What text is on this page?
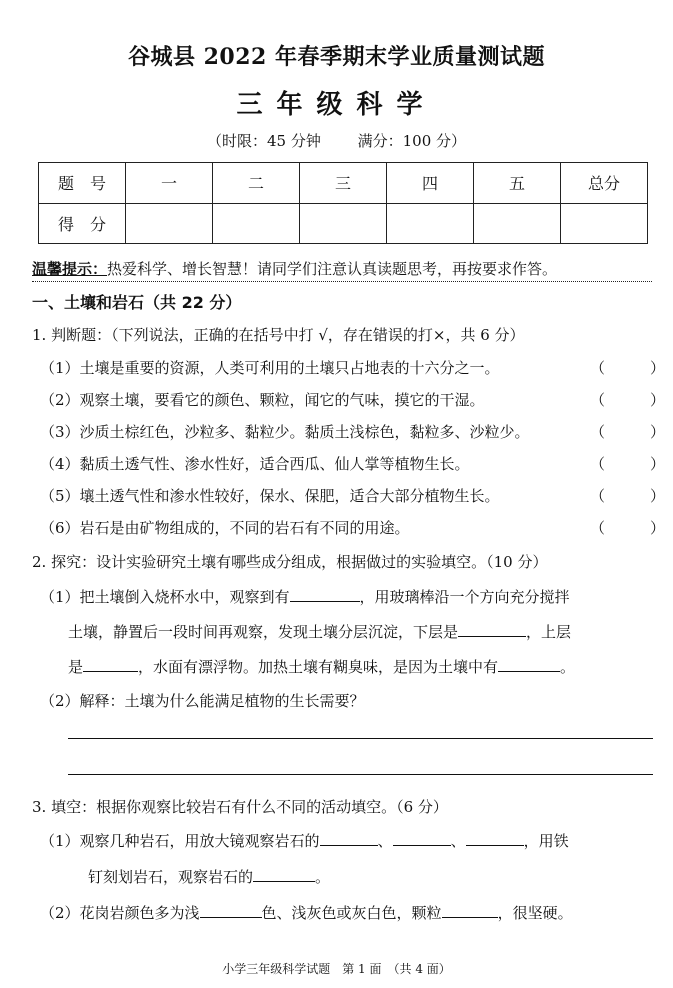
谷城县 2022 年春季期末学业质量测试题
三年级科学
（时限：45 分钟 满分：100 分）
题　号	一	二	三	四	五	总分
得　分						
温馨提示：热爱科学、增长智慧！请同学们注意认真读题思考，再按要求作答。
一、土壤和岩石（共 22 分）
1. 判断题：（下列说法，正确的在括号中打 √，存在错误的打×，共 6 分）
（1）土壤是重要的资源，人类可利用的土壤只占地表的十六分之一。	（　　　）
（2）观察土壤，要看它的颜色、颗粒，闻它的气味，摸它的干湿。	（　　　）
（3）沙质土棕红色，沙粒多、黏粒少。黏质土浅棕色，黏粒多、沙粒少。	（　　　）
（4）黏质土透气性、渗水性好，适合西瓜、仙人掌等植物生长。	（　　　）
（5）壤土透气性和渗水性较好，保水、保肥，适合大部分植物生长。	（　　　）
（6）岩石是由矿物组成的，不同的岩石有不同的用途。	（　　　）
2. 探究：设计实验研究土壤有哪些成分组成，根据做过的实验填空。（10 分）
（1）把土壤倒入烧杯水中，观察到有	，用玻璃棒沿一个方向充分搅拌
土壤，静置后一段时间再观察，发现土壤分层沉淀，下层是	，上层
是	，水面有漂浮物。加热土壤有糊臭味，是因为土壤中有	。
（2）解释：土壤为什么能满足植物的生长需要？
3. 填空：根据你观察比较岩石有什么不同的活动填空。（6 分）
（1）观察几种岩石，用放大镜观察岩石的	、	、	，用铁
钉刻划岩石，观察岩石的	。
（2）花岗岩颜色多为浅	色、浅灰色或灰白色，颗粒	，很坚硬。
小学三年级科学试题　第 1 面　（共 4 面）
